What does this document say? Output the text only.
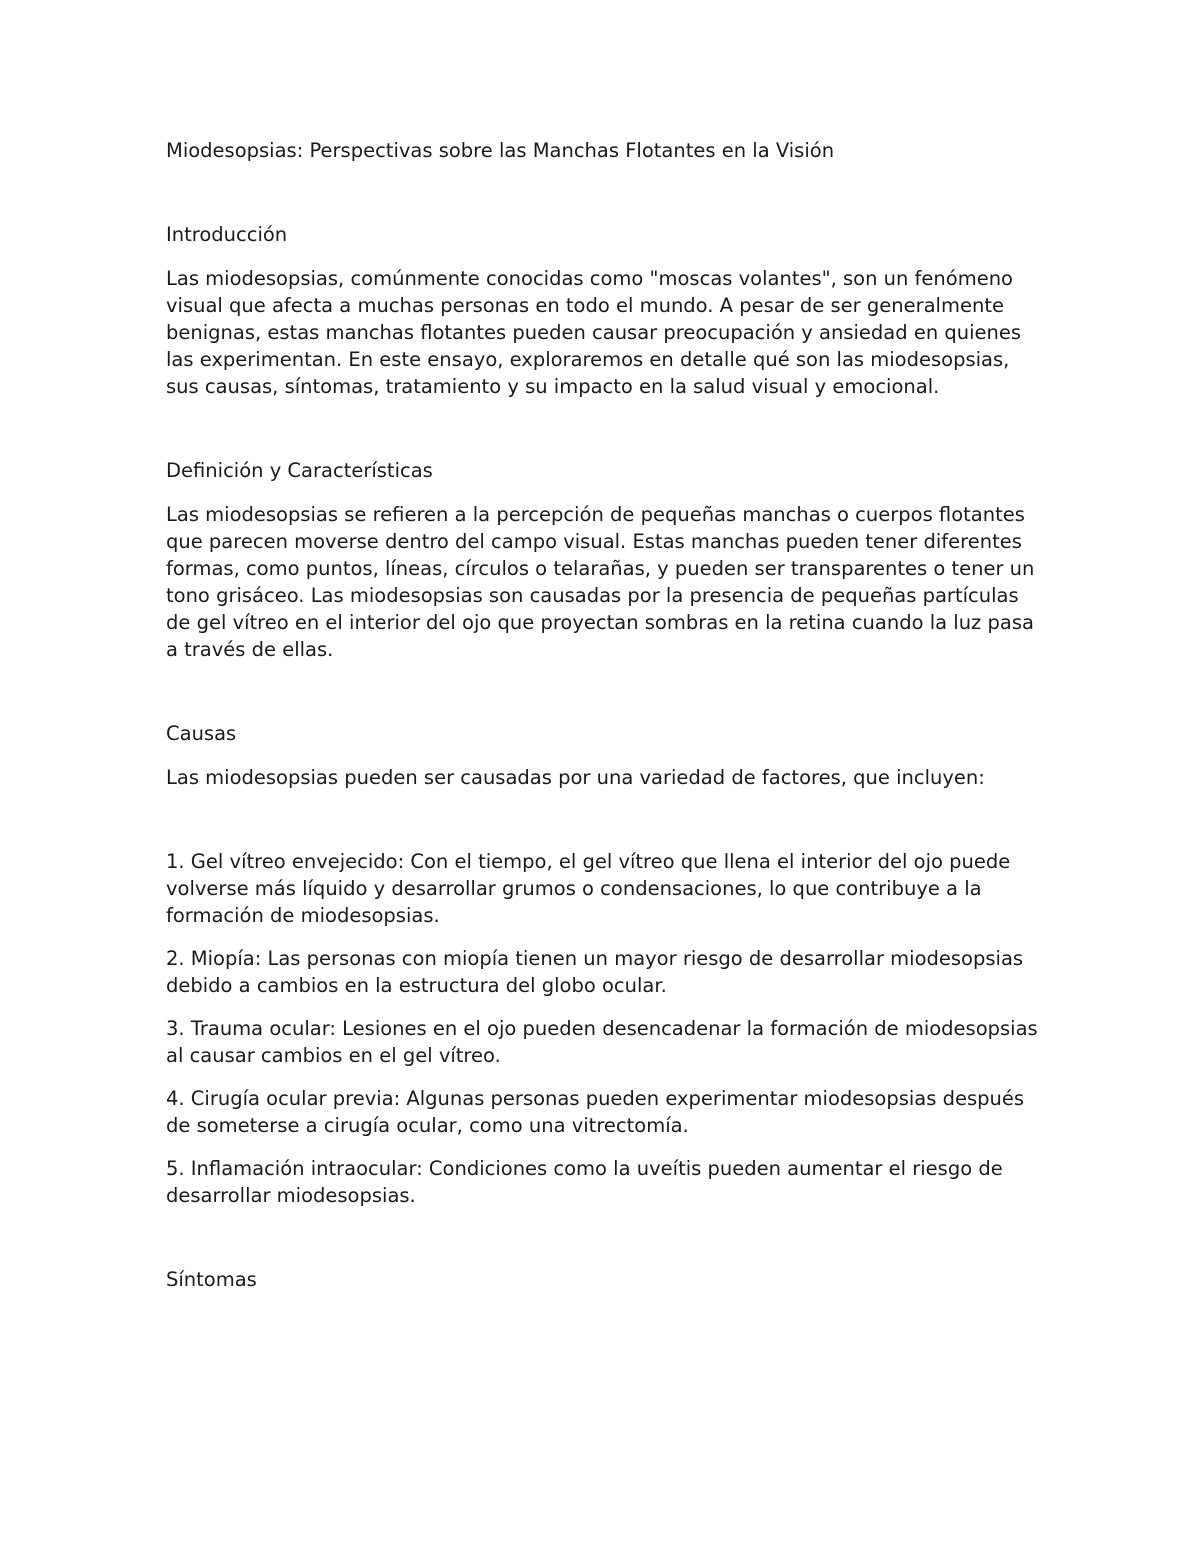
Miodesopsias: Perspectivas sobre las Manchas Flotantes en la Visión

Introducción

Las miodesopsias, comúnmente conocidas como "moscas volantes", son un fenómeno visual que afecta a muchas personas en todo el mundo. A pesar de ser generalmente benignas, estas manchas flotantes pueden causar preocupación y ansiedad en quienes las experimentan. En este ensayo, exploraremos en detalle qué son las miodesopsias, sus causas, síntomas, tratamiento y su impacto en la salud visual y emocional.

Definición y Características

Las miodesopsias se refieren a la percepción de pequeñas manchas o cuerpos flotantes que parecen moverse dentro del campo visual. Estas manchas pueden tener diferentes formas, como puntos, líneas, círculos o telarañas, y pueden ser transparentes o tener un tono grisáceo. Las miodesopsias son causadas por la presencia de pequeñas partículas de gel vítreo en el interior del ojo que proyectan sombras en la retina cuando la luz pasa a través de ellas.

Causas

Las miodesopsias pueden ser causadas por una variedad de factores, que incluyen:

1. Gel vítreo envejecido: Con el tiempo, el gel vítreo que llena el interior del ojo puede volverse más líquido y desarrollar grumos o condensaciones, lo que contribuye a la formación de miodesopsias.

2. Miopía: Las personas con miopía tienen un mayor riesgo de desarrollar miodesopsias debido a cambios en la estructura del globo ocular.

3. Trauma ocular: Lesiones en el ojo pueden desencadenar la formación de miodesopsias al causar cambios en el gel vítreo.

4. Cirugía ocular previa: Algunas personas pueden experimentar miodesopsias después de someterse a cirugía ocular, como una vitrectomía.

5. Inflamación intraocular: Condiciones como la uveítis pueden aumentar el riesgo de desarrollar miodesopsias.

Síntomas
